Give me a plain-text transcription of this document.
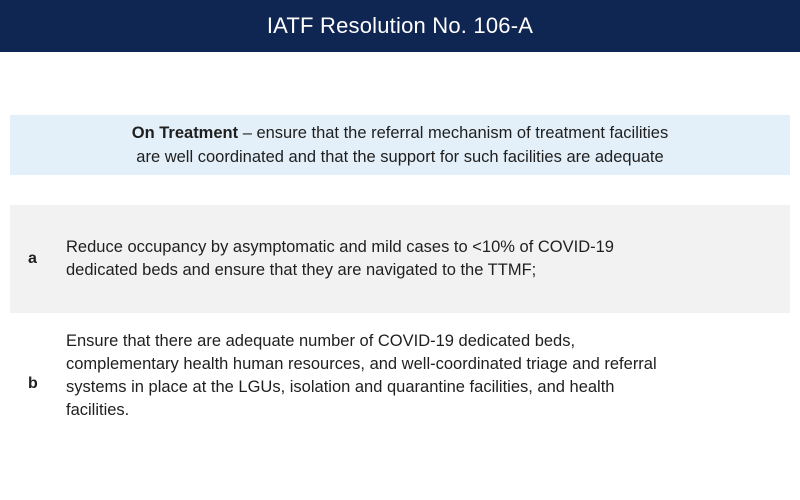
IATF Resolution No. 106-A
On Treatment – ensure that the referral mechanism of treatment facilities
are well coordinated and that the support for such facilities are adequate
a
Reduce occupancy by asymptomatic and mild cases to <10% of COVID-19
dedicated beds and ensure that they are navigated to the TTMF;
b
Ensure that there are adequate number of COVID-19 dedicated beds,
complementary health human resources, and well-coordinated triage and referral
systems in place at the LGUs, isolation and quarantine facilities, and health
facilities.
